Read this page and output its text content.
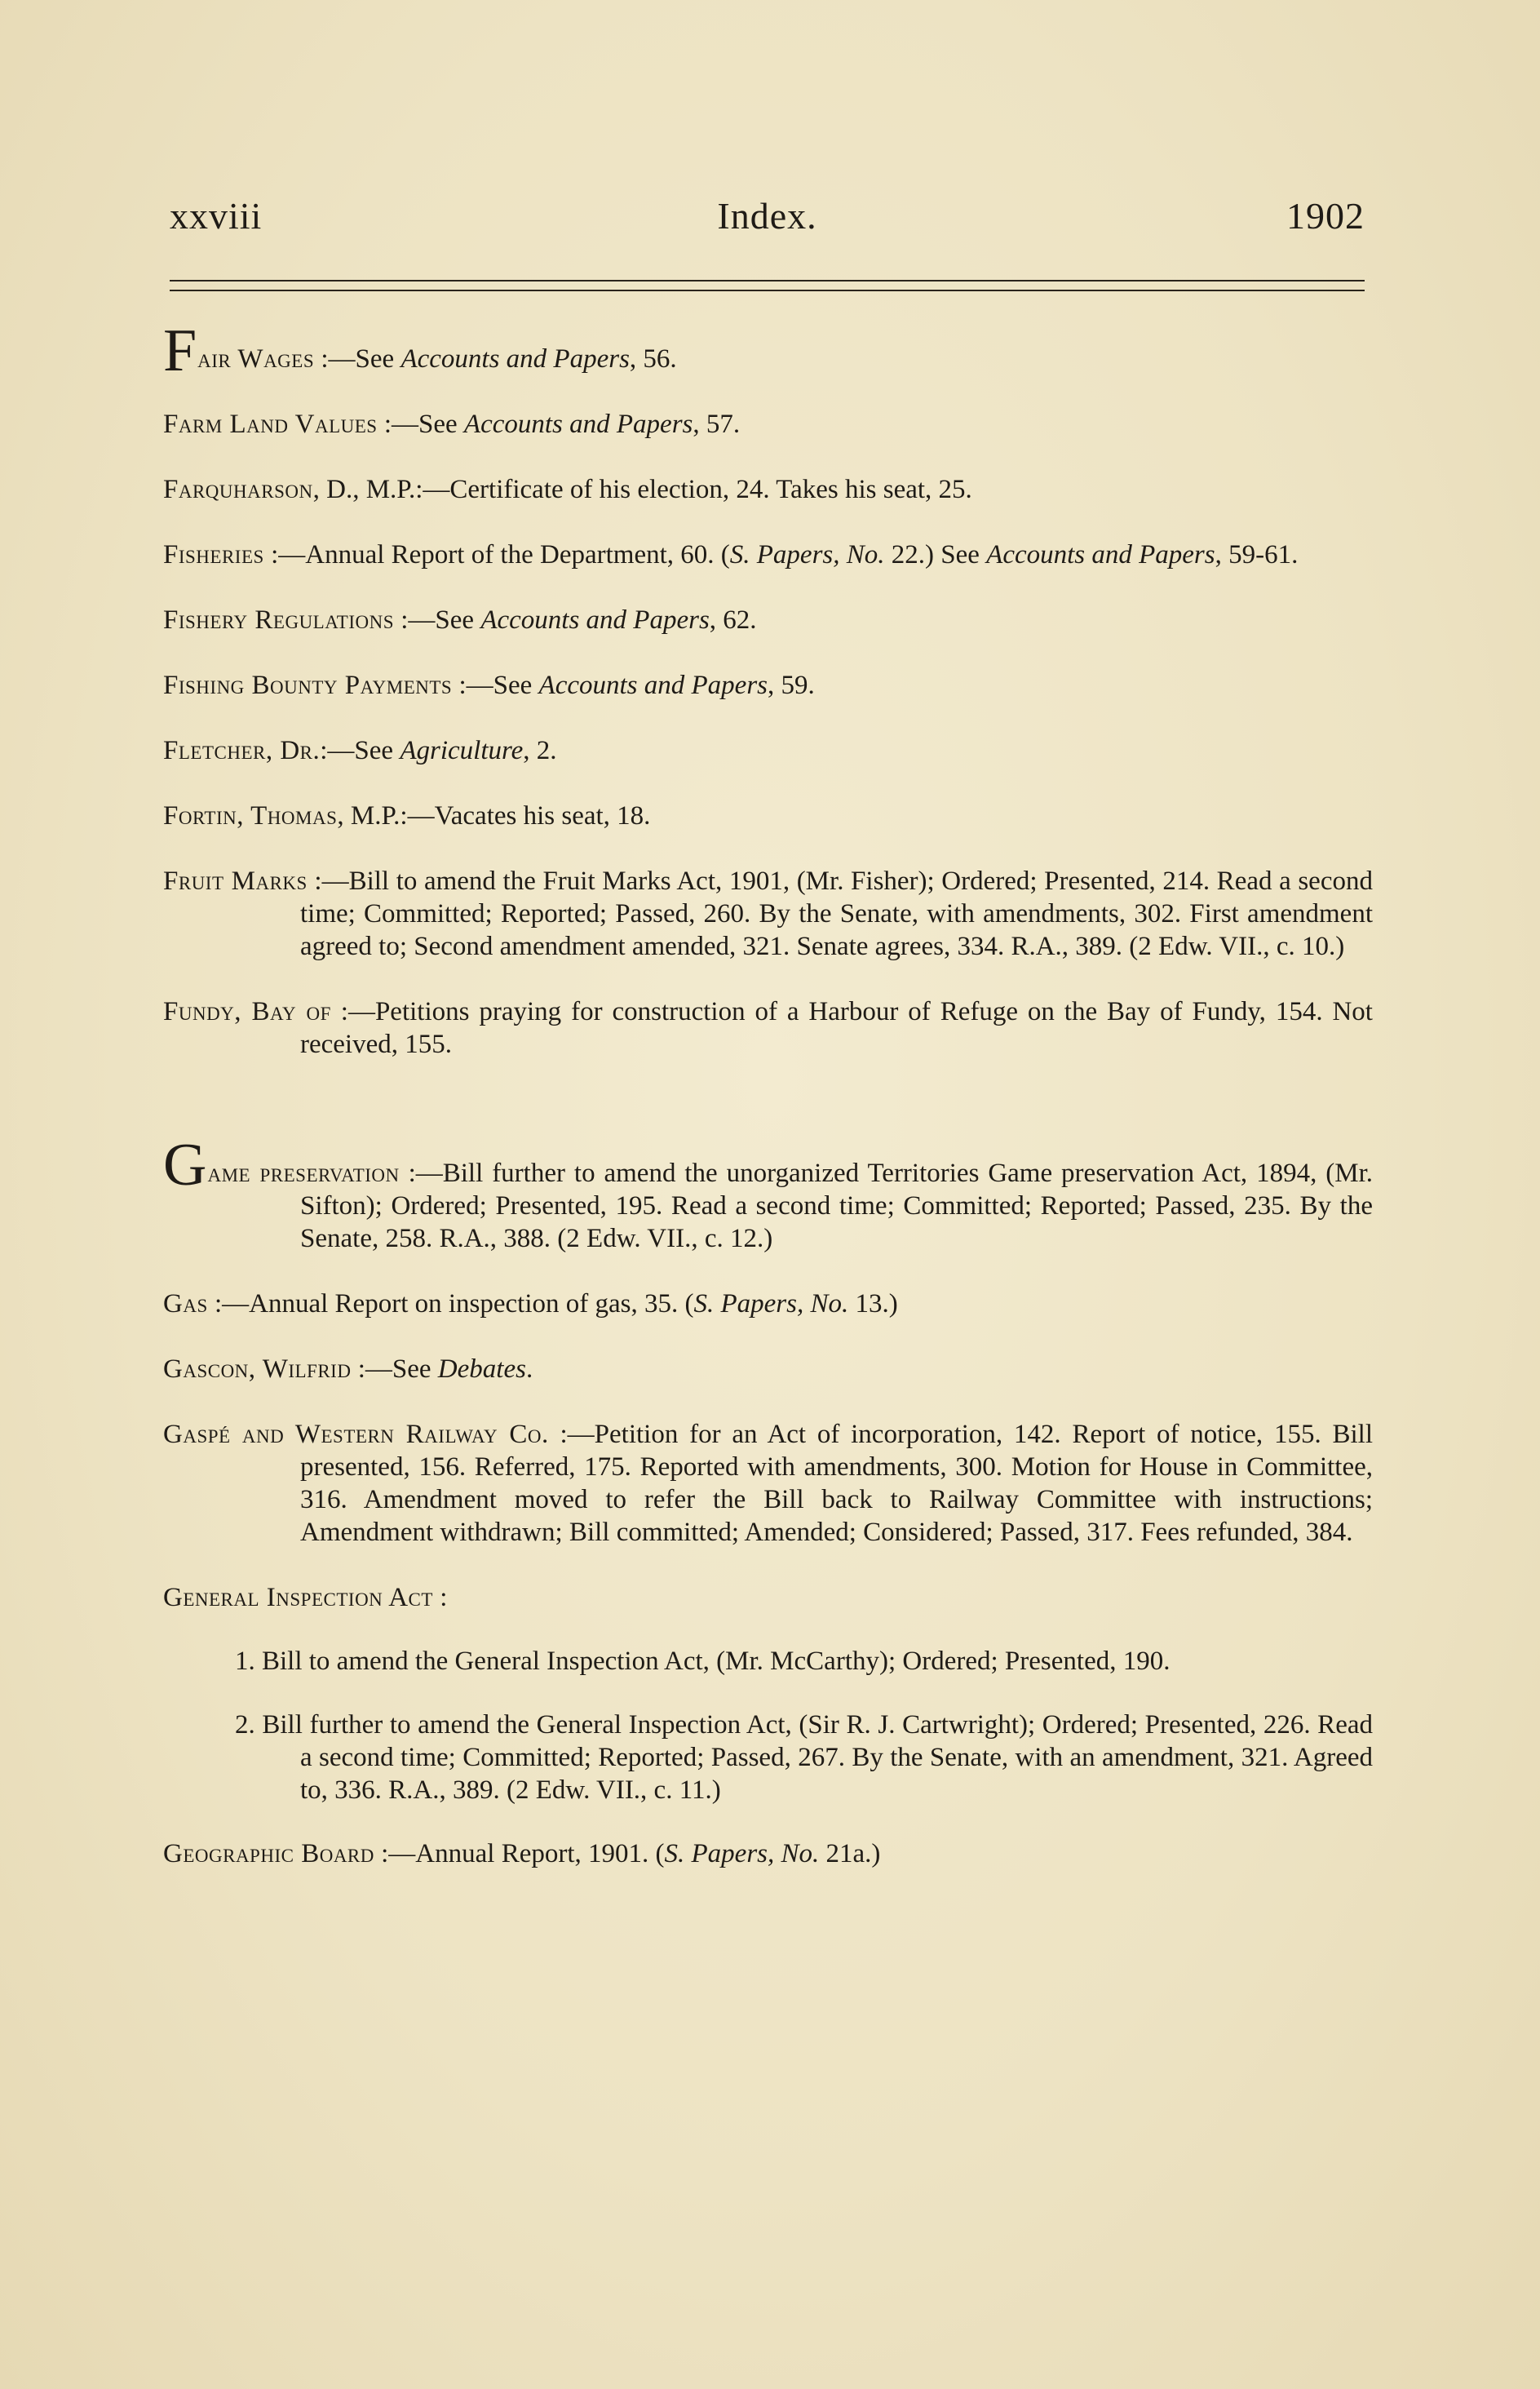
xxviii	Index.	1902

Fair Wages :—See Accounts and Papers, 56.

Farm Land Values :—See Accounts and Papers, 57.

Farquharson, D., M.P.:—Certificate of his election, 24. Takes his seat, 25.

Fisheries :—Annual Report of the Department, 60. (S. Papers, No. 22.) See Accounts and Papers, 59-61.

Fishery Regulations :—See Accounts and Papers, 62.

Fishing Bounty Payments :—See Accounts and Papers, 59.

Fletcher, Dr.:—See Agriculture, 2.

Fortin, Thomas, M.P.:—Vacates his seat, 18.

Fruit Marks :—Bill to amend the Fruit Marks Act, 1901, (Mr. Fisher); Ordered; Presented, 214. Read a second time; Committed; Reported; Passed, 260. By the Senate, with amendments, 302. First amendment agreed to; Second amendment amended, 321. Senate agrees, 334. R.A., 389. (2 Edw. VII., c. 10.)

Fundy, Bay of :—Petitions praying for construction of a Harbour of Refuge on the Bay of Fundy, 154. Not received, 155.

Game preservation :—Bill further to amend the unorganized Territories Game preservation Act, 1894, (Mr. Sifton); Ordered; Presented, 195. Read a second time; Committed; Reported; Passed, 235. By the Senate, 258. R.A., 388. (2 Edw. VII., c. 12.)

Gas :—Annual Report on inspection of gas, 35. (S. Papers, No. 13.)

Gascon, Wilfrid :—See Debates.

Gaspé and Western Railway Co. :—Petition for an Act of incorporation, 142. Report of notice, 155. Bill presented, 156. Referred, 175. Reported with amendments, 300. Motion for House in Committee, 316. Amendment moved to refer the Bill back to Railway Committee with instructions; Amendment withdrawn; Bill committed; Amended; Considered; Passed, 317. Fees refunded, 384.

General Inspection Act :

1. Bill to amend the General Inspection Act, (Mr. McCarthy); Ordered; Presented, 190.

2. Bill further to amend the General Inspection Act, (Sir R. J. Cartwright); Ordered; Presented, 226. Read a second time; Committed; Reported; Passed, 267. By the Senate, with an amendment, 321. Agreed to, 336. R.A., 389. (2 Edw. VII., c. 11.)

Geographic Board :—Annual Report, 1901. (S. Papers, No. 21a.)
